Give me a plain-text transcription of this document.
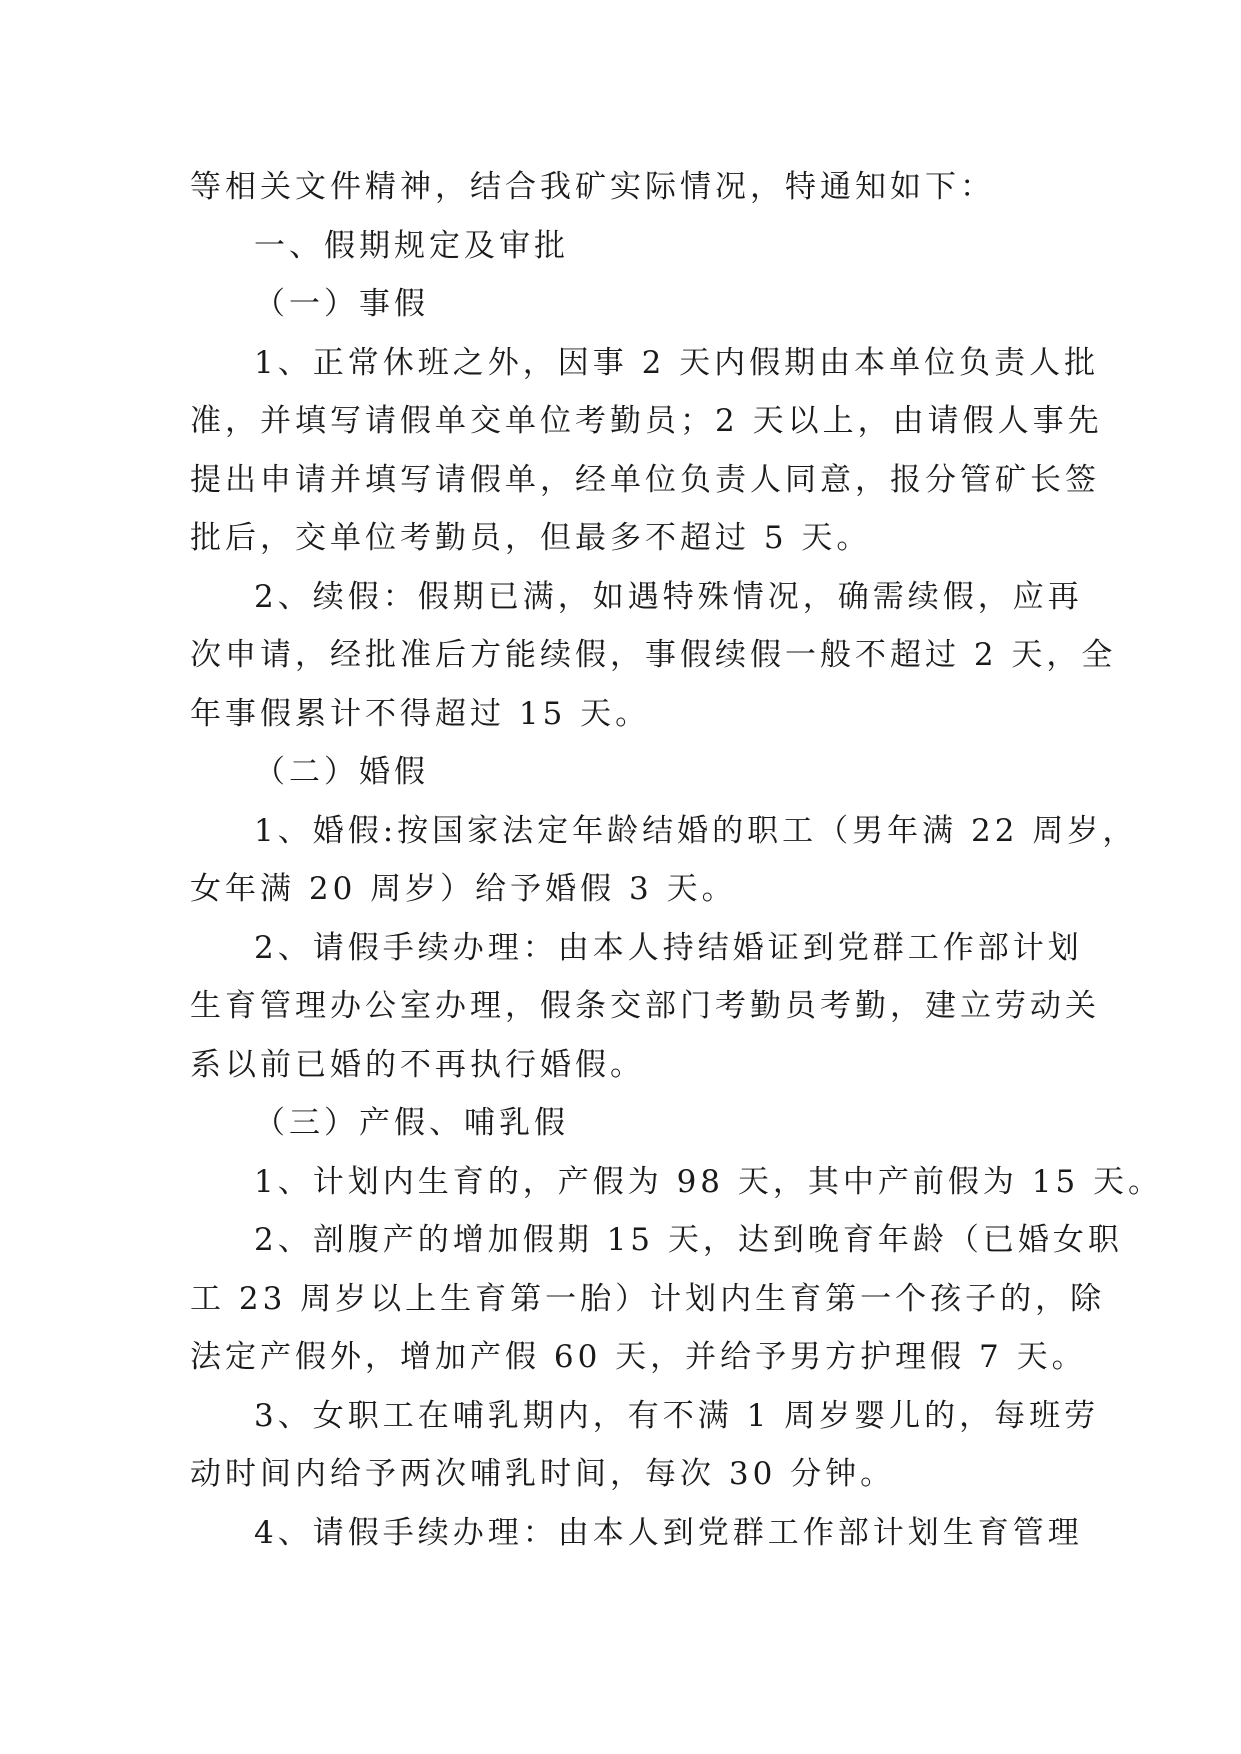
等相关文件精神，结合我矿实际情况，特通知如下：
一、假期规定及审批
（一）事假
1、正常休班之外，因事 2 天内假期由本单位负责人批
准，并填写请假单交单位考勤员；2 天以上，由请假人事先
提出申请并填写请假单，经单位负责人同意，报分管矿长签
批后，交单位考勤员，但最多不超过 5 天。
2、续假：假期已满，如遇特殊情况，确需续假，应再
次申请，经批准后方能续假，事假续假一般不超过 2 天，全
年事假累计不得超过 15 天。
（二）婚假
1、婚假:按国家法定年龄结婚的职工（男年满 22 周岁，
女年满 20 周岁）给予婚假 3 天。
2、请假手续办理：由本人持结婚证到党群工作部计划
生育管理办公室办理，假条交部门考勤员考勤，建立劳动关
系以前已婚的不再执行婚假。
（三）产假、哺乳假
1、计划内生育的，产假为 98 天，其中产前假为 15 天。
2、剖腹产的增加假期 15 天，达到晚育年龄（已婚女职
工 23 周岁以上生育第一胎）计划内生育第一个孩子的，除
法定产假外，增加产假 60 天，并给予男方护理假 7 天。
3、女职工在哺乳期内，有不满 1 周岁婴儿的，每班劳
动时间内给予两次哺乳时间，每次 30 分钟。
4、请假手续办理：由本人到党群工作部计划生育管理
